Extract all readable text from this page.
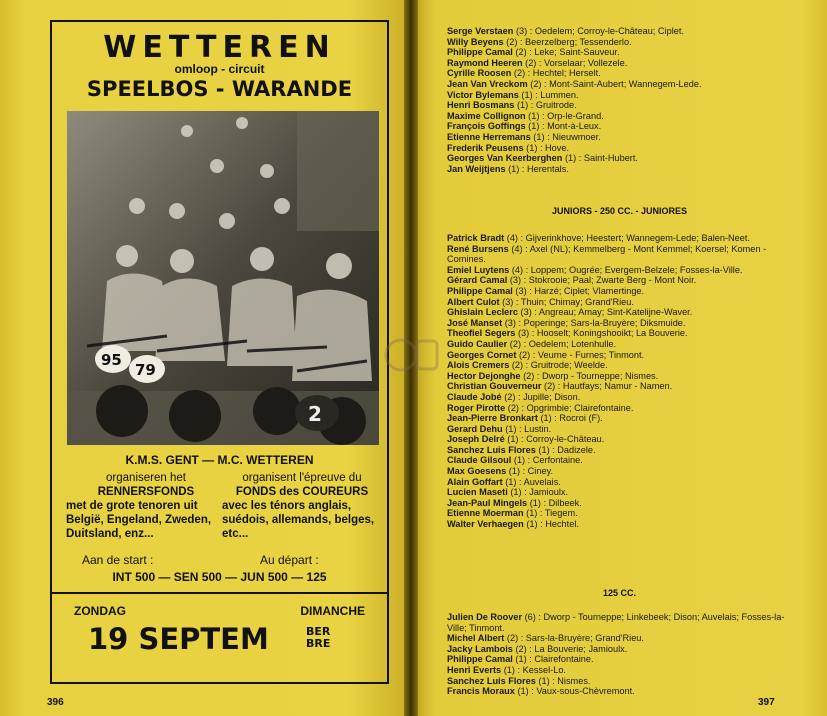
WETTEREN
omloop - circuit
SPEELBOS - WARANDE
95
79
2
K.M.S. GENT — M.C. WETTEREN
organiseren het
RENNERSFONDS
met de grote tenoren uit België, Engeland, Zweden, Duitsland, enz...
organisent l'épreuve du
FONDS des COUREURS
avec les ténors anglais, suédois, allemands, belges, etc...
Aan de start :	Au départ :
INT 500 — SEN 500 — JUN 500 — 125
ZONDAG	DIMANCHE
19 SEPTEM	BER
BRE
396	397
Serge Verstaen (3) : Oedelem; Corroy-le-Château; Ciplet.
Willy Beyens (2) : Beerzelberg; Tessenderlo.
Philippe Camal (2) : Leke; Saint-Sauveur.
Raymond Heeren (2) : Vorselaar; Vollezele.
Cyrille Roosen (2) : Hechtel; Herselt.
Jean Van Vreckom (2) : Mont-Saint-Aubert; Wannegem-Lede.
Victor Bylemans (1) : Lummen.
Henri Bosmans (1) : Gruitrode.
Maxime Collignon (1) : Orp-le-Grand.
François Goffings (1) : Mont-à-Leux.
Etienne Herremans (1) : Nieuwmoer.
Frederik Peusens (1) : Hove.
Georges Van Keerberghen (1) : Saint-Hubert.
Jan Weijtjens (1) : Herentals.
JUNIORS - 250 CC. - JUNIORES
Patrick Bradt (4) : Gijverinkhove; Heestert; Wannegem-Lede; Balen-Neet.
René Bursens (4) : Axel (NL); Kemmelberg - Mont Kemmel; Koersel; Komen - Comines.
Emiel Luytens (4) : Loppem; Ougrée; Evergem-Belzele; Fosses-la-Ville.
Gérard Camal (3) : Stokrooie; Paal; Zwarte Berg - Mont Noir.
Philippe Camal (3) : Harzé; Ciplet; Vlamertinge.
Albert Culot (3) : Thuin; Chimay; Grand'Rieu.
Ghislain Leclerc (3) : Angreau; Amay; Sint-Katelijne-Waver.
José Manset (3) : Poperinge; Sars-la-Bruyère; Diksmuide.
Theofiel Segers (3) : Hooselt; Koningshooikt; La Bouverie.
Guido Caulier (2) : Oedelem; Lotenhulle.
Georges Cornet (2) : Veurne - Furnes; Tinmont.
Alois Cremers (2) : Gruitrode; Weelde.
Hector Dejonghe (2) : Dworp - Tourneppe; Nismes.
Christian Gouverneur (2) : Hautfays; Namur - Namen.
Claude Jobé (2) : Jupille; Dison.
Roger Pirotte (2) : Opgrimbie; Clairefontaine.
Jean-Pierre Bronkart (1) : Rocroi (F).
Gerard Dehu (1) : Lustin.
Joseph Delré (1) : Corroy-le-Château.
Sanchez Luis Flores (1) : Dadizele.
Claude Gilsoul (1) : Cerfontaine.
Max Goesens (1) : Ciney.
Alain Goffart (1) : Auvelais.
Lucien Maseti (1) : Jamioulx.
Jean-Paul Mingels (1) : Dilbeek.
Etienne Moerman (1) : Tiegem.
Walter Verhaegen (1) : Hechtel.
125 CC.
Julien De Roover (6) : Dworp - Tourneppe; Linkebeek; Dison; Auvelais; Fosses-la-Ville; Tinmont.
Michel Albert (2) : Sars-la-Bruyère; Grand'Rieu.
Jacky Lambois (2) : La Bouverie; Jamioulx.
Philippe Camal (1) : Clairefontaine.
Henri Everts (1) : Kessel-Lo.
Sanchez Luis Flores (1) : Nismes.
Francis Moraux (1) : Vaux-sous-Chèvremont.
